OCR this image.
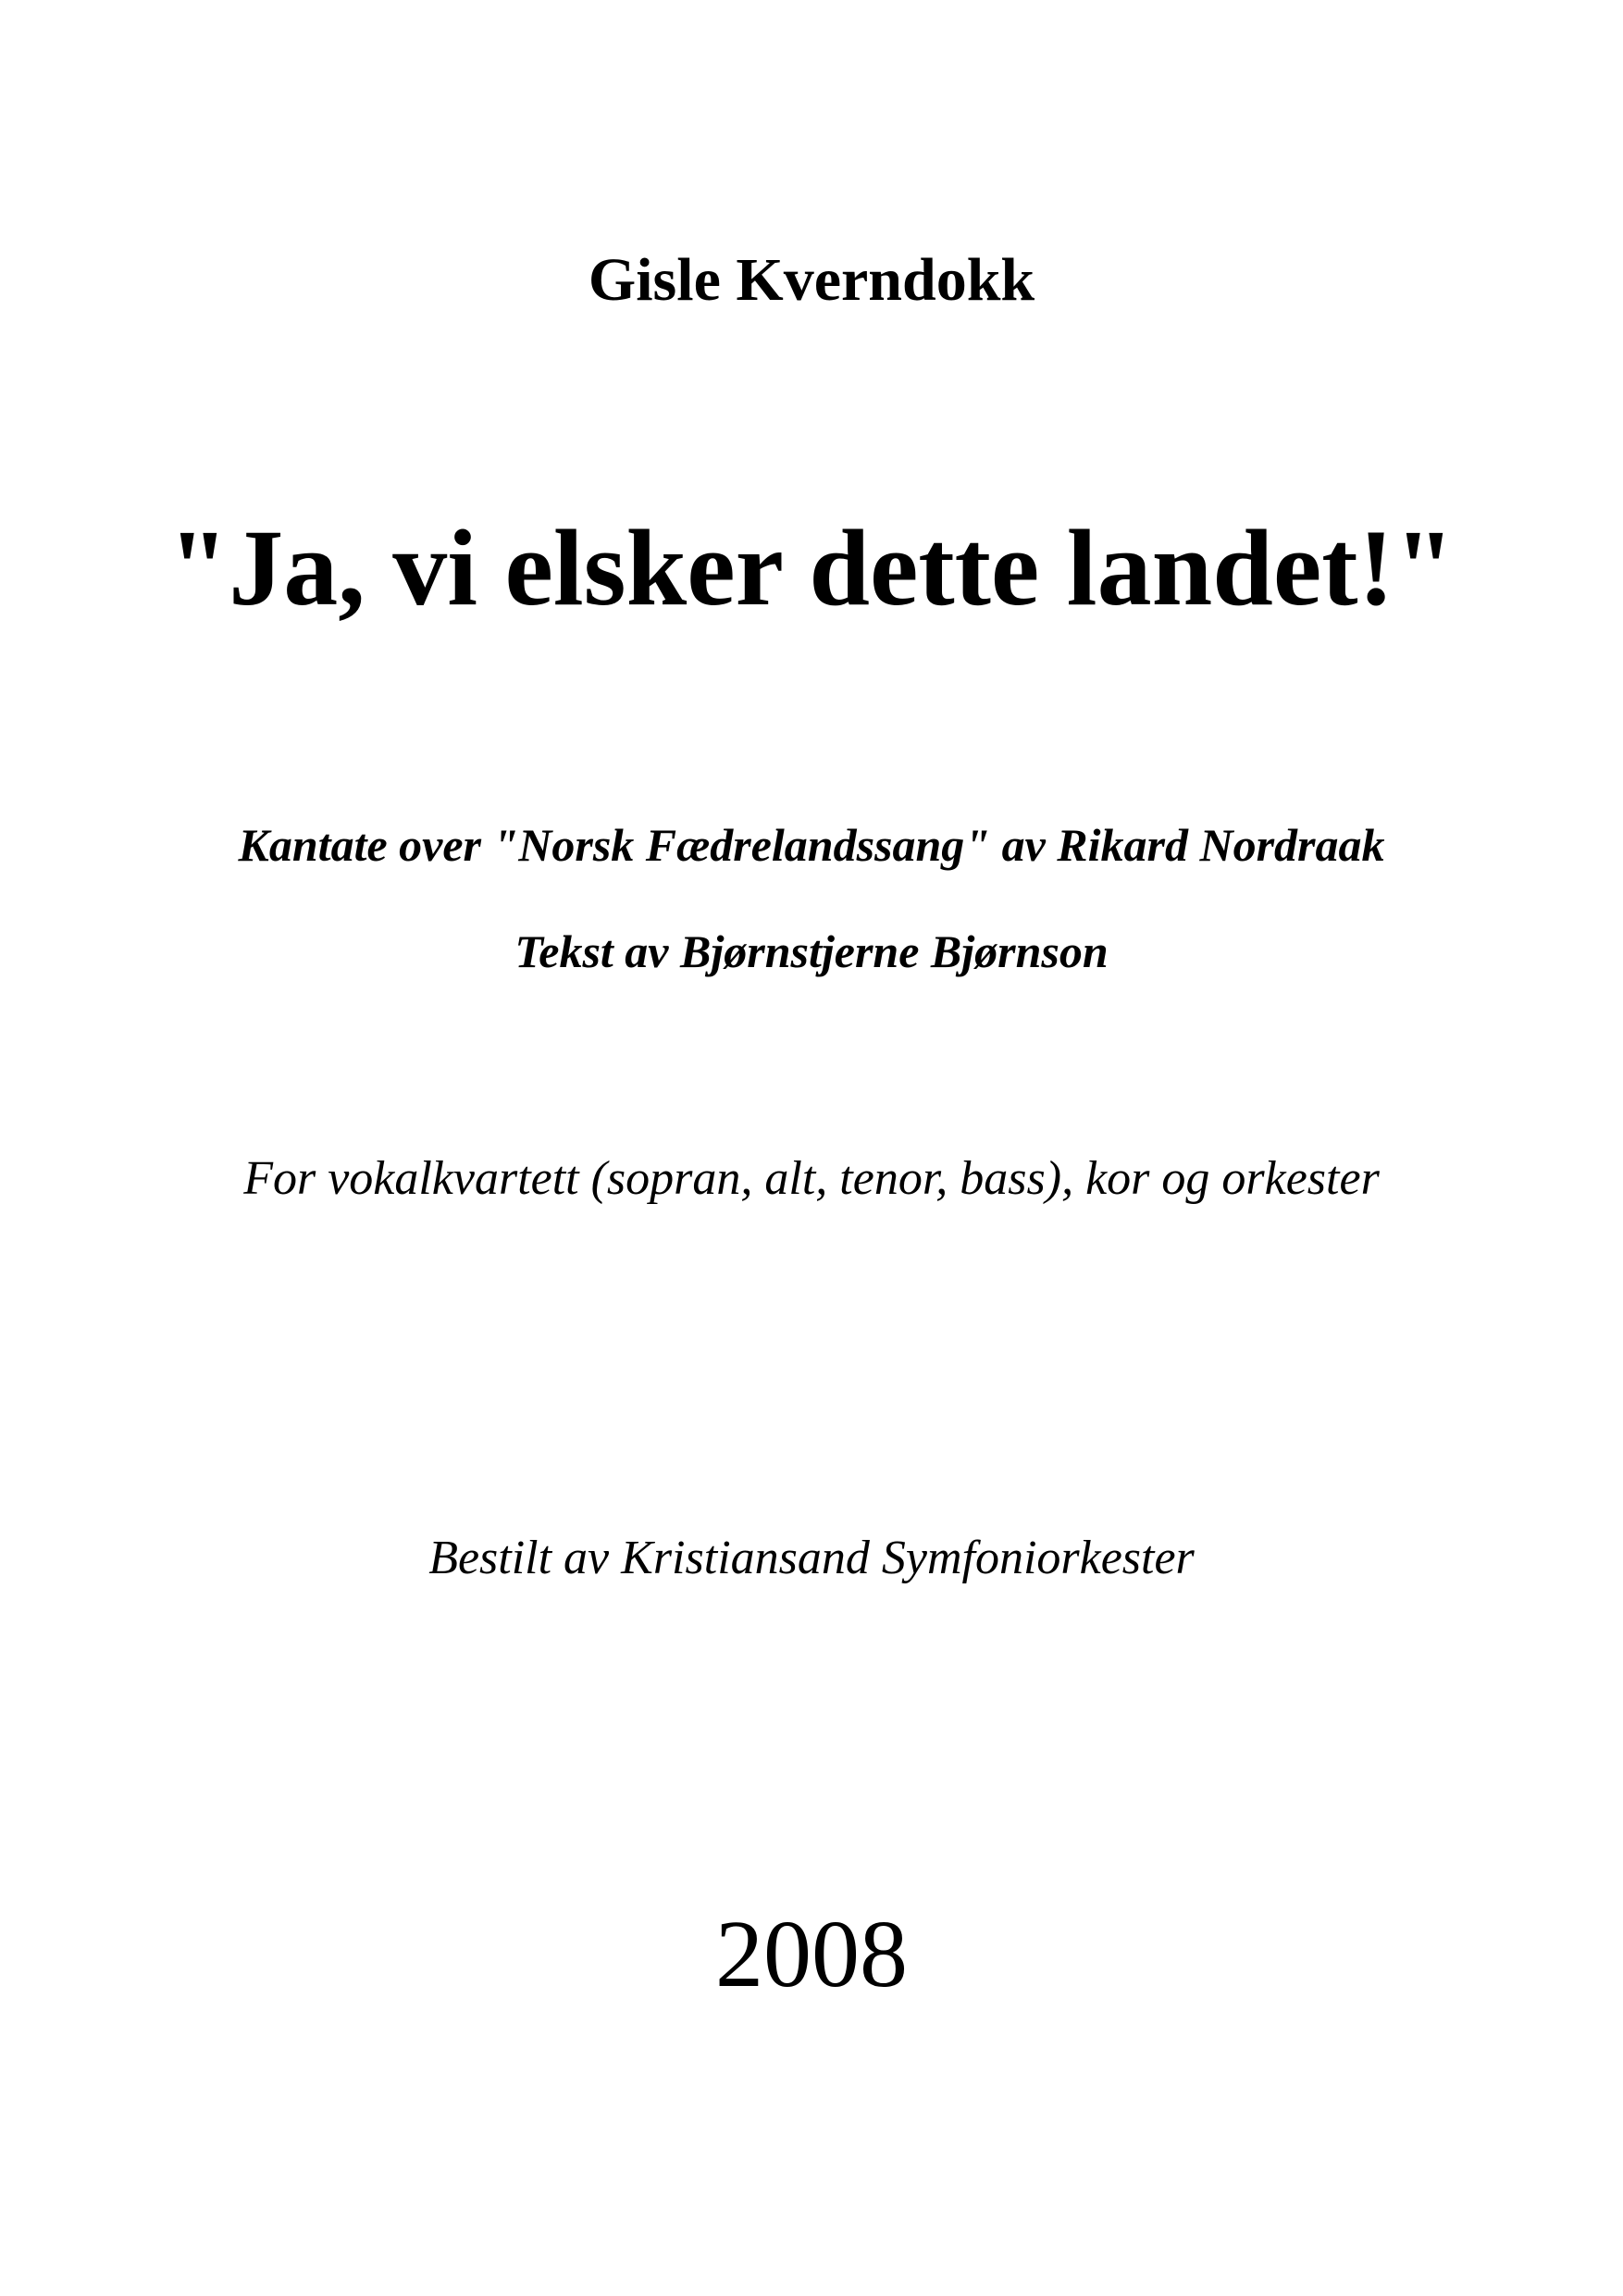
Gisle Kverndokk
"Ja, vi elsker dette landet!"
Kantate over "Norsk Fædrelandssang" av Rikard Nordraak
Tekst av Bjørnstjerne Bjørnson
For vokalkvartett (sopran, alt, tenor, bass), kor og orkester
Bestilt av Kristiansand Symfoniorkester
2008
